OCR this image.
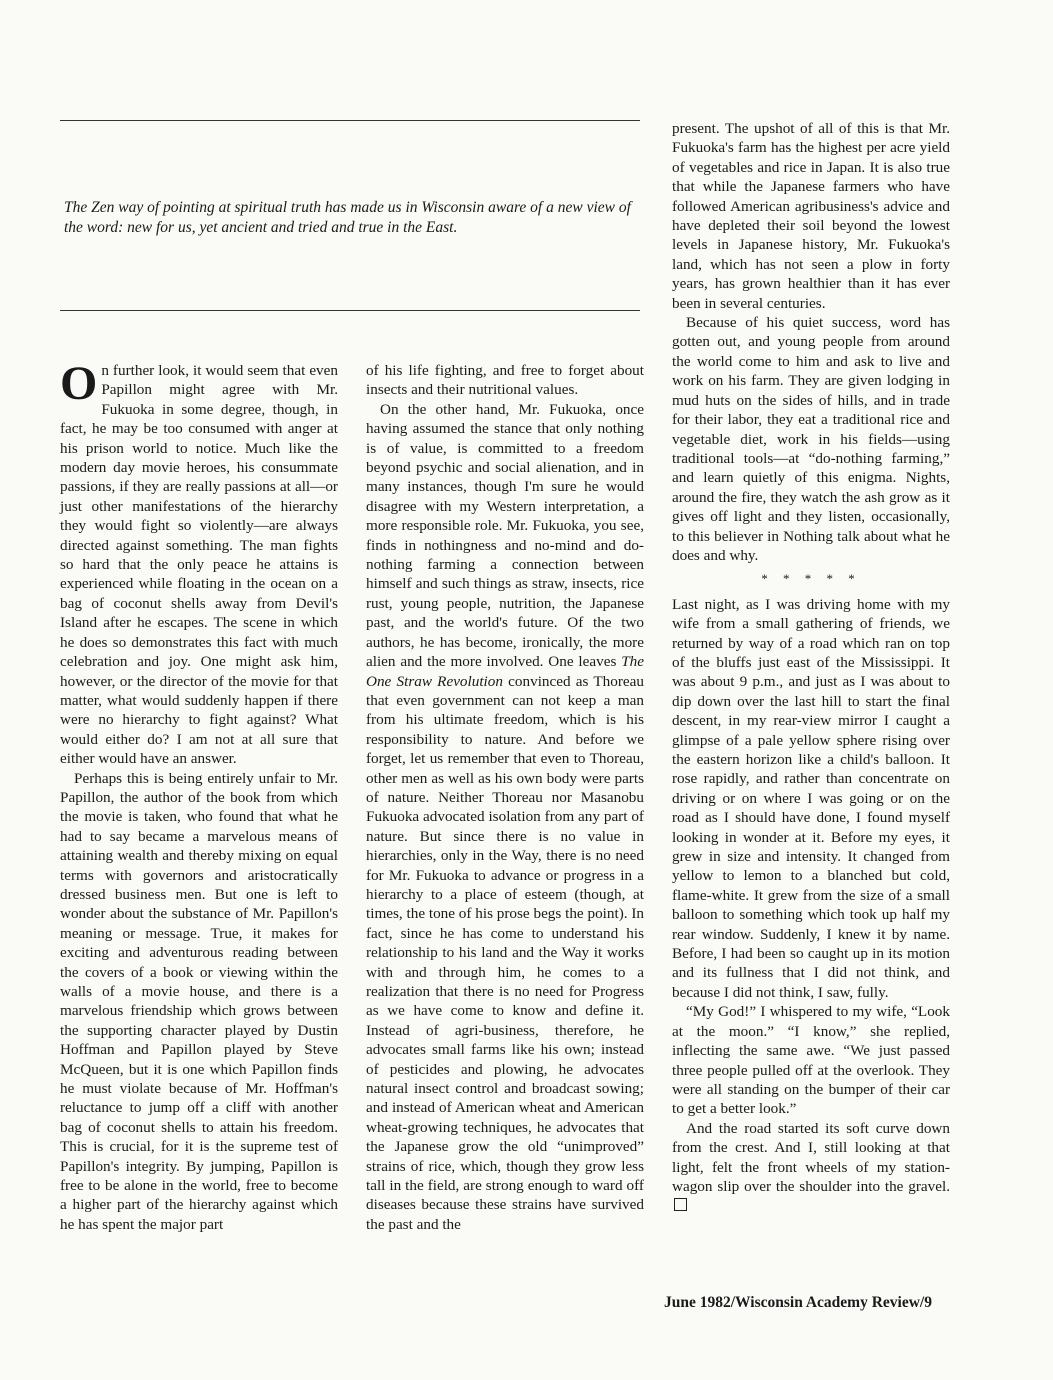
The Zen way of pointing at spiritual truth has made us in Wisconsin aware of a new view of the word: new for us, yet ancient and tried and true in the East.

On further look, it would seem that even Papillon might agree with Mr. Fukuoka in some degree, though, in fact, he may be too consumed with anger at his prison world to notice. Much like the modern day movie heroes, his consummate passions, if they are really passions at all—or just other manifestations of the hierarchy they would fight so violently—are always directed against something. The man fights so hard that the only peace he attains is experienced while floating in the ocean on a bag of coconut shells away from Devil's Island after he escapes. The scene in which he does so demonstrates this fact with much celebration and joy. One might ask him, however, or the director of the movie for that matter, what would suddenly happen if there were no hierarchy to fight against? What would either do? I am not at all sure that either would have an answer.

Perhaps this is being entirely unfair to Mr. Papillon, the author of the book from which the movie is taken, who found that what he had to say became a marvelous means of attaining wealth and thereby mixing on equal terms with governors and aristocratically dressed business men. But one is left to wonder about the substance of Mr. Papillon's meaning or message. True, it makes for exciting and adventurous reading between the covers of a book or viewing within the walls of a movie house, and there is a marvelous friendship which grows between the supporting character played by Dustin Hoffman and Papillon played by Steve McQueen, but it is one which Papillon finds he must violate because of Mr. Hoffman's reluctance to jump off a cliff with another bag of coconut shells to attain his freedom. This is crucial, for it is the supreme test of Papillon's integrity. By jumping, Papillon is free to be alone in the world, free to become a higher part of the hierarchy against which he has spent the major part

of his life fighting, and free to forget about insects and their nutritional values.

On the other hand, Mr. Fukuoka, once having assumed the stance that only nothing is of value, is committed to a freedom beyond psychic and social alienation, and in many instances, though I'm sure he would disagree with my Western interpretation, a more responsible role. Mr. Fukuoka, you see, finds in nothingness and no-mind and do-nothing farming a connection between himself and such things as straw, insects, rice rust, young people, nutrition, the Japanese past, and the world's future. Of the two authors, he has become, ironically, the more alien and the more involved. One leaves The One Straw Revolution convinced as Thoreau that even government can not keep a man from his ultimate freedom, which is his responsibility to nature. And before we forget, let us remember that even to Thoreau, other men as well as his own body were parts of nature. Neither Thoreau nor Masanobu Fukuoka advocated isolation from any part of nature. But since there is no value in hierarchies, only in the Way, there is no need for Mr. Fukuoka to advance or progress in a hierarchy to a place of esteem (though, at times, the tone of his prose begs the point). In fact, since he has come to understand his relationship to his land and the Way it works with and through him, he comes to a realization that there is no need for Progress as we have come to know and define it. Instead of agri-business, therefore, he advocates small farms like his own; instead of pesticides and plowing, he advocates natural insect control and broadcast sowing; and instead of American wheat and American wheat-growing techniques, he advocates that the Japanese grow the old “unimproved” strains of rice, which, though they grow less tall in the field, are strong enough to ward off diseases because these strains have survived the past and the

present. The upshot of all of this is that Mr. Fukuoka's farm has the highest per acre yield of vegetables and rice in Japan. It is also true that while the Japanese farmers who have followed American agribusiness's advice and have depleted their soil beyond the lowest levels in Japanese history, Mr. Fukuoka's land, which has not seen a plow in forty years, has grown healthier than it has ever been in several centuries.

Because of his quiet success, word has gotten out, and young people from around the world come to him and ask to live and work on his farm. They are given lodging in mud huts on the sides of hills, and in trade for their labor, they eat a traditional rice and vegetable diet, work in his fields—using traditional tools—at “do-nothing farming,” and learn quietly of this enigma. Nights, around the fire, they watch the ash grow as it gives off light and they listen, occasionally, to this believer in Nothing talk about what he does and why.

* * * * *

Last night, as I was driving home with my wife from a small gathering of friends, we returned by way of a road which ran on top of the bluffs just east of the Mississippi. It was about 9 p.m., and just as I was about to dip down over the last hill to start the final descent, in my rear-view mirror I caught a glimpse of a pale yellow sphere rising over the eastern horizon like a child's balloon. It rose rapidly, and rather than concentrate on driving or on where I was going or on the road as I should have done, I found myself looking in wonder at it. Before my eyes, it grew in size and intensity. It changed from yellow to lemon to a blanched but cold, flame-white. It grew from the size of a small balloon to something which took up half my rear window. Suddenly, I knew it by name. Before, I had been so caught up in its motion and its fullness that I did not think, and because I did not think, I saw, fully.

“My God!” I whispered to my wife, “Look at the moon.” “I know,” she replied, inflecting the same awe. “We just passed three people pulled off at the overlook. They were all standing on the bumper of their car to get a better look.”

And the road started its soft curve down from the crest. And I, still looking at that light, felt the front wheels of my station-wagon slip over the shoulder into the gravel.

June 1982/Wisconsin Academy Review/9
